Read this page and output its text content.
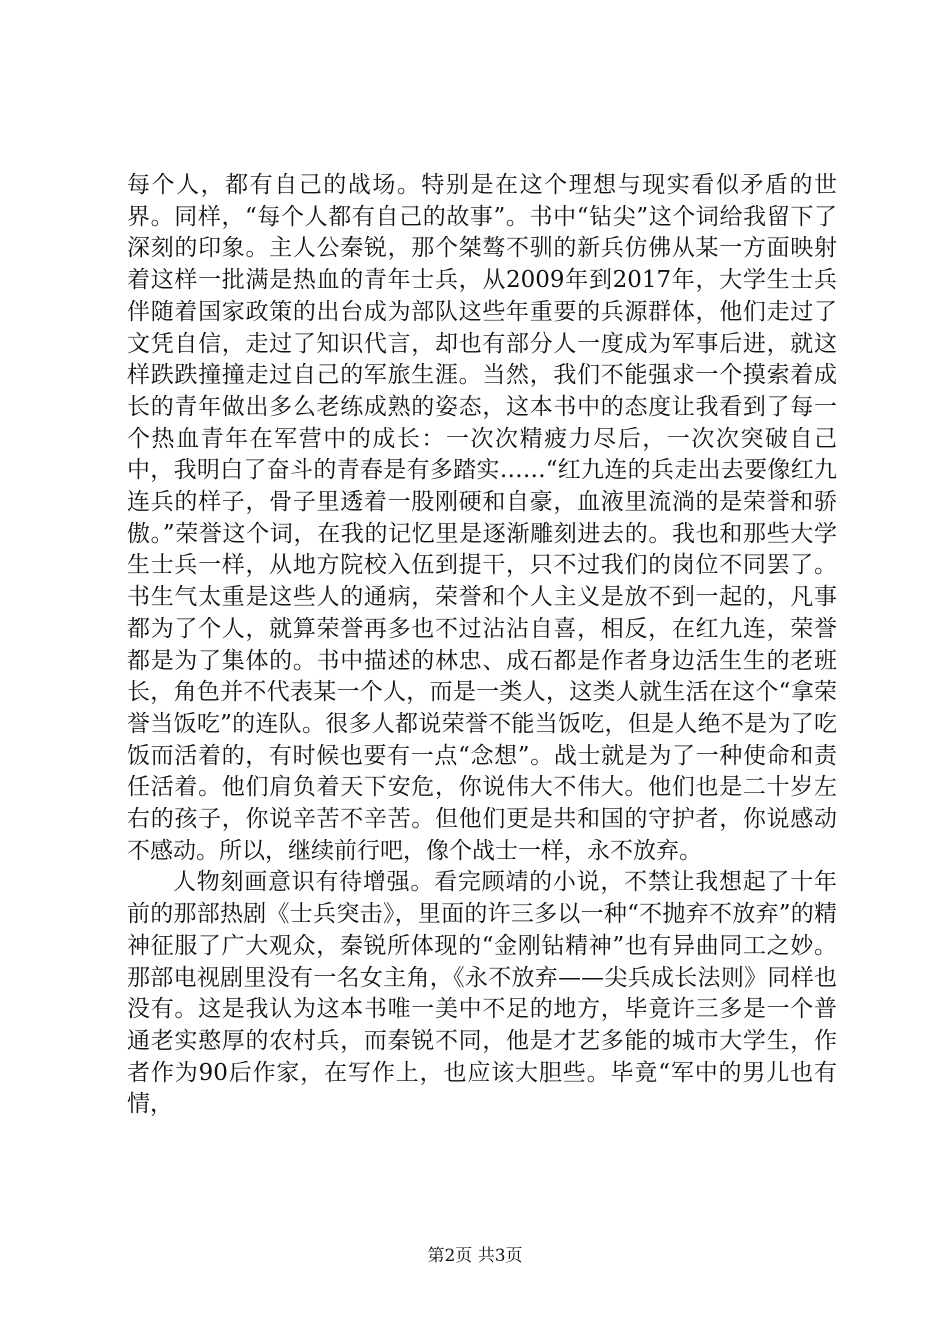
每个人，都有自己的战场。特别是在这个理想与现实看似矛盾的世界。同样，“每个人都有自己的故事”。书中“钻尖”这个词给我留下了深刻的印象。主人公秦锐，那个桀骜不驯的新兵仿佛从某一方面映射着这样一批满是热血的青年士兵，从2009年到2017年，大学生士兵伴随着国家政策的出台成为部队这些年重要的兵源群体，他们走过了文凭自信，走过了知识代言，却也有部分人一度成为军事后进，就这样跌跌撞撞走过自己的军旅生涯。当然，我们不能强求一个摸索着成长的青年做出多么老练成熟的姿态，这本书中的态度让我看到了每一个热血青年在军营中的成长：一次次精疲力尽后，一次次突破自己中，我明白了奋斗的青春是有多踏实……“红九连的兵走出去要像红九连兵的样子，骨子里透着一股刚硬和自豪，血液里流淌的是荣誉和骄傲。”荣誉这个词，在我的记忆里是逐渐雕刻进去的。我也和那些大学生士兵一样，从地方院校入伍到提干，只不过我们的岗位不同罢了。书生气太重是这些人的通病，荣誉和个人主义是放不到一起的，凡事都为了个人，就算荣誉再多也不过沾沾自喜，相反，在红九连，荣誉都是为了集体的。书中描述的林忠、成石都是作者身边活生生的老班长，角色并不代表某一个人，而是一类人，这类人就生活在这个“拿荣誉当饭吃”的连队。很多人都说荣誉不能当饭吃，但是人绝不是为了吃饭而活着的，有时候也要有一点“念想”。战士就是为了一种使命和责任活着。他们肩负着天下安危，你说伟大不伟大。他们也是二十岁左右的孩子，你说辛苦不辛苦。但他们更是共和国的守护者，你说感动不感动。所以，继续前行吧，像个战士一样，永不放弃。

人物刻画意识有待增强。看完顾靖的小说，不禁让我想起了十年前的那部热剧《士兵突击》，里面的许三多以一种“不抛弃不放弃”的精神征服了广大观众，秦锐所体现的“金刚钻精神”也有异曲同工之妙。那部电视剧里没有一名女主角，《永不放弃——尖兵成长法则》同样也没有。这是我认为这本书唯一美中不足的地方，毕竟许三多是一个普通老实憨厚的农村兵，而秦锐不同，他是才艺多能的城市大学生，作者作为90后作家，在写作上，也应该大胆些。毕竟“军中的男儿也有情，

第2页 共3页
